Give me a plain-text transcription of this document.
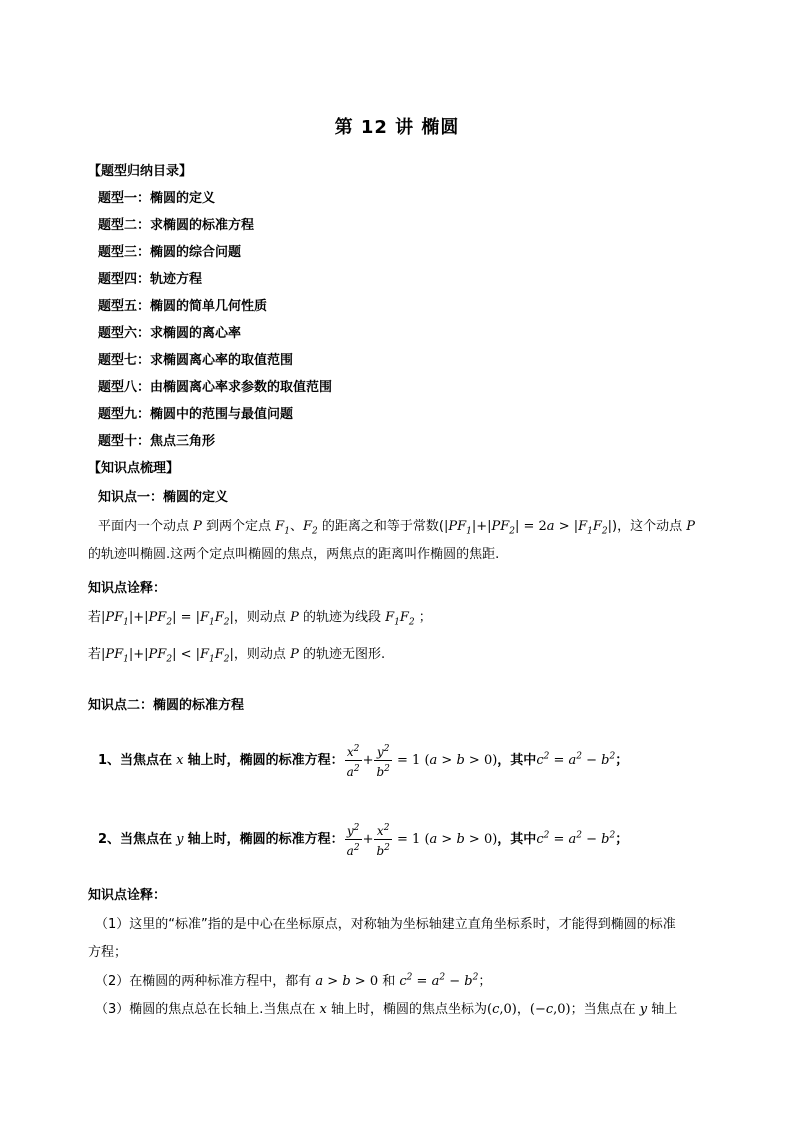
第 12 讲 椭圆
【题型归纳目录】
题型一：椭圆的定义
题型二：求椭圆的标准方程
题型三：椭圆的综合问题
题型四：轨迹方程
题型五：椭圆的简单几何性质
题型六：求椭圆的离心率
题型七：求椭圆离心率的取值范围
题型八：由椭圆离心率求参数的取值范围
题型九：椭圆中的范围与最值问题
题型十：焦点三角形
【知识点梳理】
知识点一：椭圆的定义
平面内一个动点 P 到两个定点 $F_1$、$F_2$ 的距离之和等于常数$(|PF_1|+|PF_2| = 2a > |F_1F_2|)$，这个动点 P
的轨迹叫椭圆.这两个定点叫椭圆的焦点，两焦点的距离叫作椭圆的焦距.
知识点诠释：
若$|PF_1|+|PF_2| = |F_1F_2|$，则动点 P 的轨迹为线段 $F_1F_2$ ；
若$|PF_1|+|PF_2| < |F_1F_2|$，则动点 P 的轨迹无图形.
知识点二：椭圆的标准方程
1、当焦点在 x 轴上时，椭圆的标准方程： $\frac{x^2}{a^2} + \frac{y^2}{b^2} = 1$ (a > b > 0)，其中$c^2 = a^2 - b^2$；
2、当焦点在 y 轴上时，椭圆的标准方程： $\frac{y^2}{a^2} + \frac{x^2}{b^2} = 1$ (a > b > 0)，其中$c^2 = a^2 - b^2$；
知识点诠释：
（1）这里的“标准”指的是中心在坐标原点，对称轴为坐标轴建立直角坐标系时，才能得到椭圆的标准
方程；
（2）在椭圆的两种标准方程中，都有 a > b > 0 和 $c^2 = a^2 - b^2$；
（3）椭圆的焦点总在长轴上.当焦点在 x 轴上时，椭圆的焦点坐标为(c,0)，(−c,0)；当焦点在 y 轴上
